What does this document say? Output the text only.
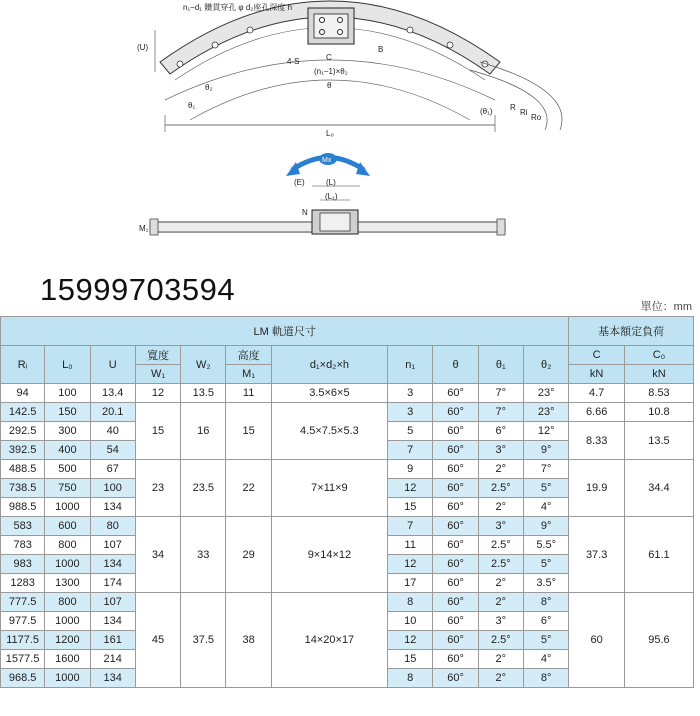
n₁−d₁ 鑽貫穿孔 φ d₂座孔深度 h
(U)
C
4-S
(n₁−1)×θ₂
B
θ
(θ₁)
θ₁
θ₂
L₀
R
Ri
Ro
Mx
(E)	(L)
(L₁)
N
M₁
15999703594	單位：mm
LM 軌道尺寸											基本額定負荷	
Rᵢ	L₀	U	寬度	W₂	高度	d₁×d₂×h	n₁	θ	θ₁	θ₂	C	C₀
			W₁		M₁						kN	kN
94	100	13.4	12	13.5	11	3.5×6×5	3	60°	7°	23°	4.7	8.53
142.5	150	20.1	15	16	15	4.5×7.5×5.3	3	60°	7°	23°	6.66	10.8
292.5	300	40					5	60°	6°	12°	8.33	13.5
392.5	400	54					7	60°	3°	9°		
488.5	500	67	23	23.5	22	7×11×9	9	60°	2°	7°	19.9	34.4
738.5	750	100					12	60°	2.5°	5°		
988.5	1000	134					15	60°	2°	4°		
583	600	80	34	33	29	9×14×12	7	60°	3°	9°	37.3	61.1
783	800	107					11	60°	2.5°	5.5°		
983	1000	134					12	60°	2.5°	5°		
1283	1300	174					17	60°	2°	3.5°		
777.5	800	107	45	37.5	38	14×20×17	8	60°	2°	8°	60	95.6
977.5	1000	134					10	60°	3°	6°		
1177.5	1200	161					12	60°	2.5°	5°		
1577.5	1600	214					15	60°	2°	4°		
968.5	1000	134					8	60°	2°	8°		
